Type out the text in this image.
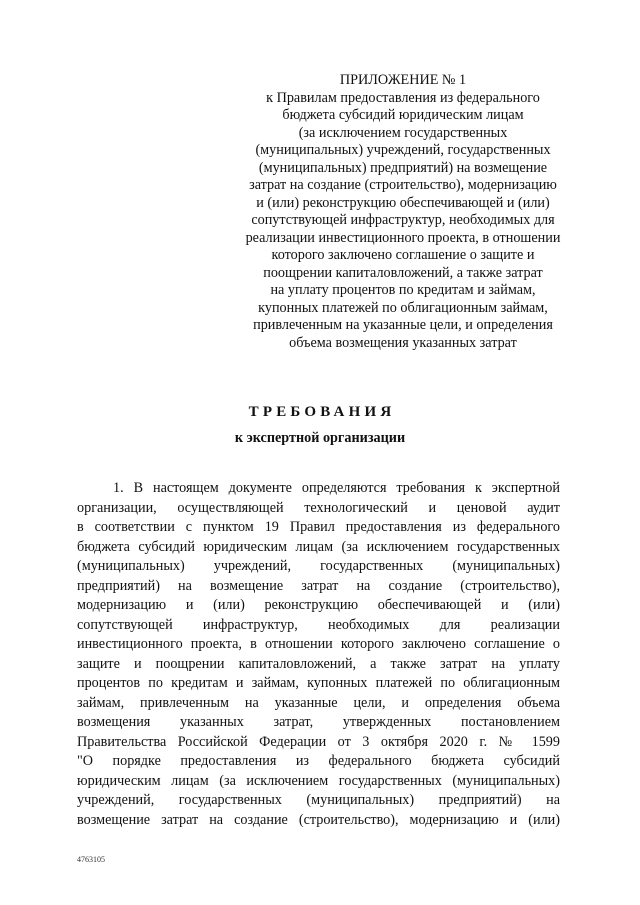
ПРИЛОЖЕНИЕ № 1
к Правилам предоставления из федерального
бюджета субсидий юридическим лицам
(за исключением государственных
(муниципальных) учреждений, государственных
(муниципальных) предприятий) на возмещение
затрат на создание (строительство), модернизацию
и (или) реконструкцию обеспечивающей и (или)
сопутствующей инфраструктур, необходимых для
реализации инвестиционного проекта, в отношении
которого заключено соглашение о защите и
поощрении капиталовложений, а также затрат
на уплату процентов по кредитам и займам,
купонных платежей по облигационным займам,
привлеченным на указанные цели, и определения
объема возмещения указанных затрат
ТРЕБОВАНИЯ
к экспертной организации
1. В настоящем документе определяются требования к экспертной
организации, осуществляющей технологический и ценовой аудит
в соответствии с пунктом 19 Правил предоставления из федерального
бюджета субсидий юридическим лицам (за исключением государственных
(муниципальных) учреждений, государственных (муниципальных)
предприятий) на возмещение затрат на создание (строительство),
модернизацию и (или) реконструкцию обеспечивающей и (или)
сопутствующей инфраструктур, необходимых для реализации
инвестиционного проекта, в отношении которого заключено соглашение о
защите и поощрении капиталовложений, а также затрат на уплату
процентов по кредитам и займам, купонных платежей по облигационным
займам, привлеченным на указанные цели, и определения объема
возмещения указанных затрат, утвержденных постановлением
Правительства Российской Федерации от 3 октября 2020 г. № 1599
"О порядке предоставления из федерального бюджета субсидий
юридическим лицам (за исключением государственных (муниципальных)
учреждений, государственных (муниципальных) предприятий) на
возмещение затрат на создание (строительство), модернизацию и (или)
4763105
